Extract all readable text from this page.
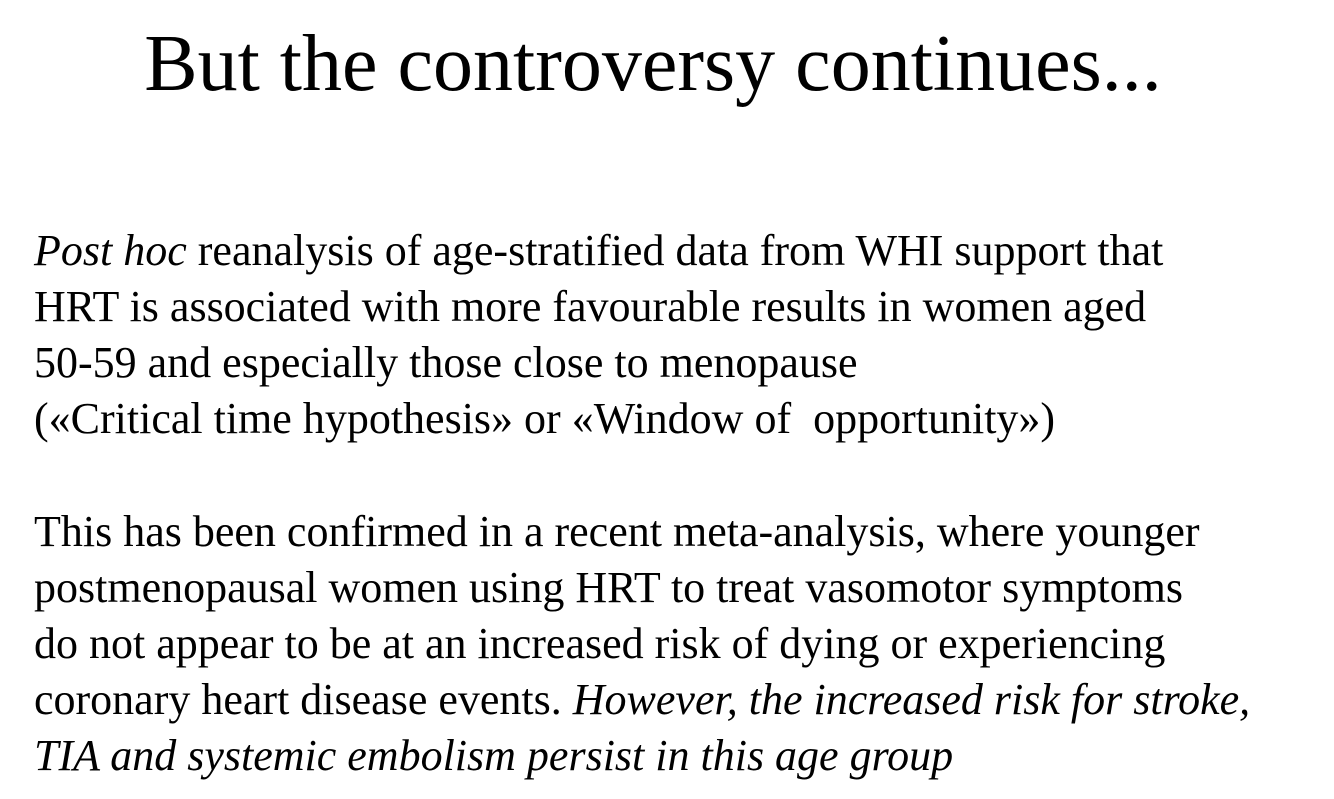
But the controversy continues...
Post hoc reanalysis of age-stratified data from WHI support that
HRT is associated with more favourable results in women aged
50-59 and especially those close to menopause
(«Critical time hypothesis» or «Window of  opportunity»)
This has been confirmed in a recent meta-analysis, where younger
postmenopausal women using HRT to treat vasomotor symptoms
do not appear to be at an increased risk of dying or experiencing
coronary heart disease events. However, the increased risk for stroke,
TIA and systemic embolism persist in this age group
